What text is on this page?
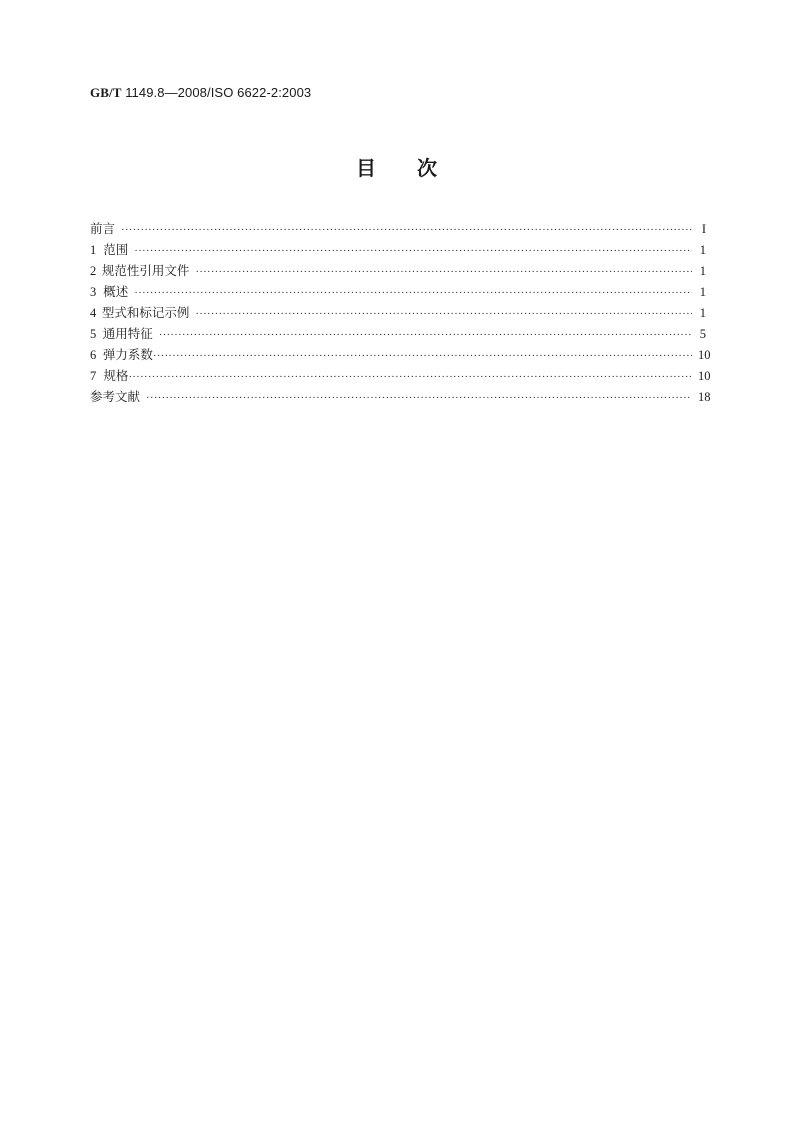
GB/T 1149.8—2008/ISO 6622-2:2003
目 次
前言 ·····	I
1 范围 ·····	1
2 规范性引用文件 ·····	1
3 概述 ·····	1
4 型式和标记示例 ·····	1
5 通用特征 ·····	5
6 弹力系数 ·····	10
7 规格 ·····	10
参考文献 ·····	18
